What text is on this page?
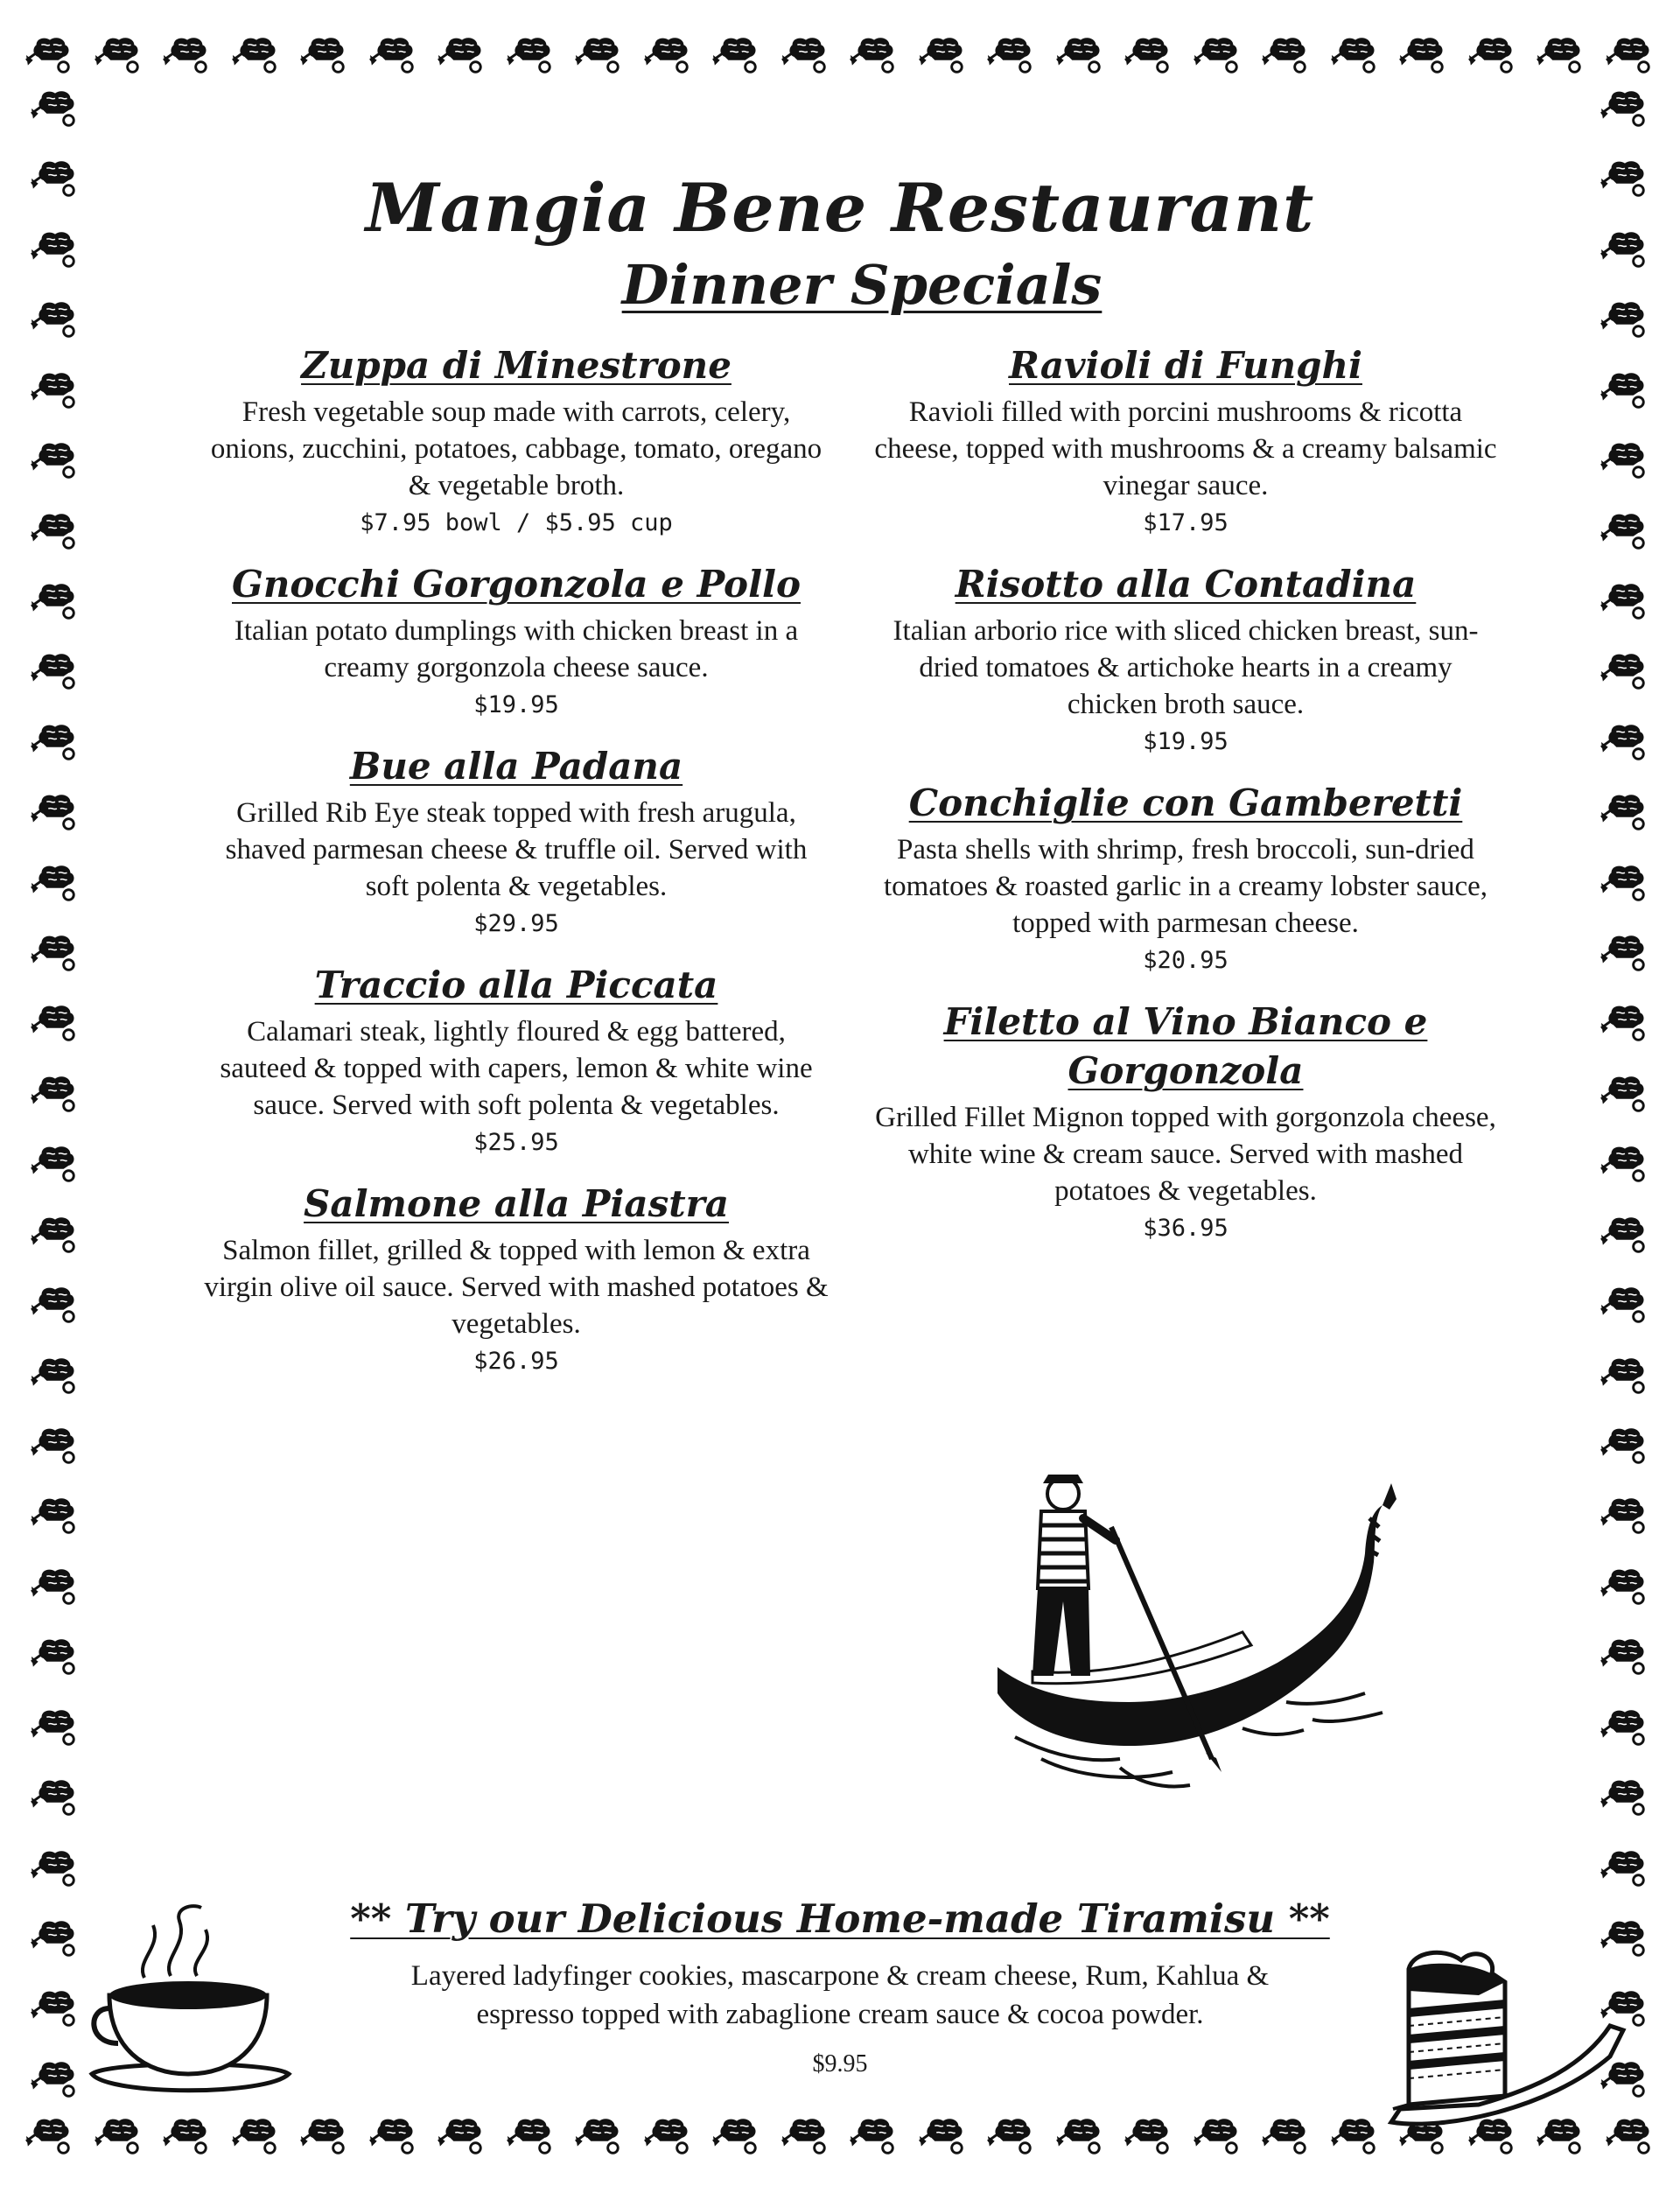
Mangia Bene Restaurant
Dinner Specials
Zuppa di Minestrone
Fresh vegetable soup made with carrots, celery, onions, zucchini, potatoes, cabbage, tomato, oregano & vegetable broth.
$7.95 bowl / $5.95 cup
Gnocchi Gorgonzola e Pollo
Italian potato dumplings with chicken breast in a creamy gorgonzola cheese sauce.
$19.95
Bue alla Padana
Grilled Rib Eye steak topped with fresh arugula, shaved parmesan cheese & truffle oil. Served with soft polenta & vegetables.
$29.95
Traccio alla Piccata
Calamari steak, lightly floured & egg battered, sauteed & topped with capers, lemon & white wine sauce. Served with soft polenta & vegetables.
$25.95
Salmone alla Piastra
Salmon fillet, grilled & topped with lemon & extra virgin olive oil sauce. Served with mashed potatoes & vegetables.
$26.95
Ravioli di Funghi
Ravioli filled with porcini mushrooms & ricotta cheese, topped with mushrooms & a creamy balsamic vinegar sauce.
$17.95
Risotto alla Contadina
Italian arborio rice with sliced chicken breast, sun-dried tomatoes & artichoke hearts in a creamy chicken broth sauce.
$19.95
Conchiglie con Gamberetti
Pasta shells with shrimp, fresh broccoli, sun-dried tomatoes & roasted garlic in a creamy lobster sauce, topped with parmesan cheese.
$20.95
Filetto al Vino Bianco e Gorgonzola
Grilled Fillet Mignon topped with gorgonzola cheese, white wine & cream sauce. Served with mashed potatoes & vegetables.
$36.95
** Try our Delicious Home-made Tiramisu **
Layered ladyfinger cookies, mascarpone & cream cheese, Rum, Kahlua & espresso topped with zabaglione cream sauce & cocoa powder.
$9.95
